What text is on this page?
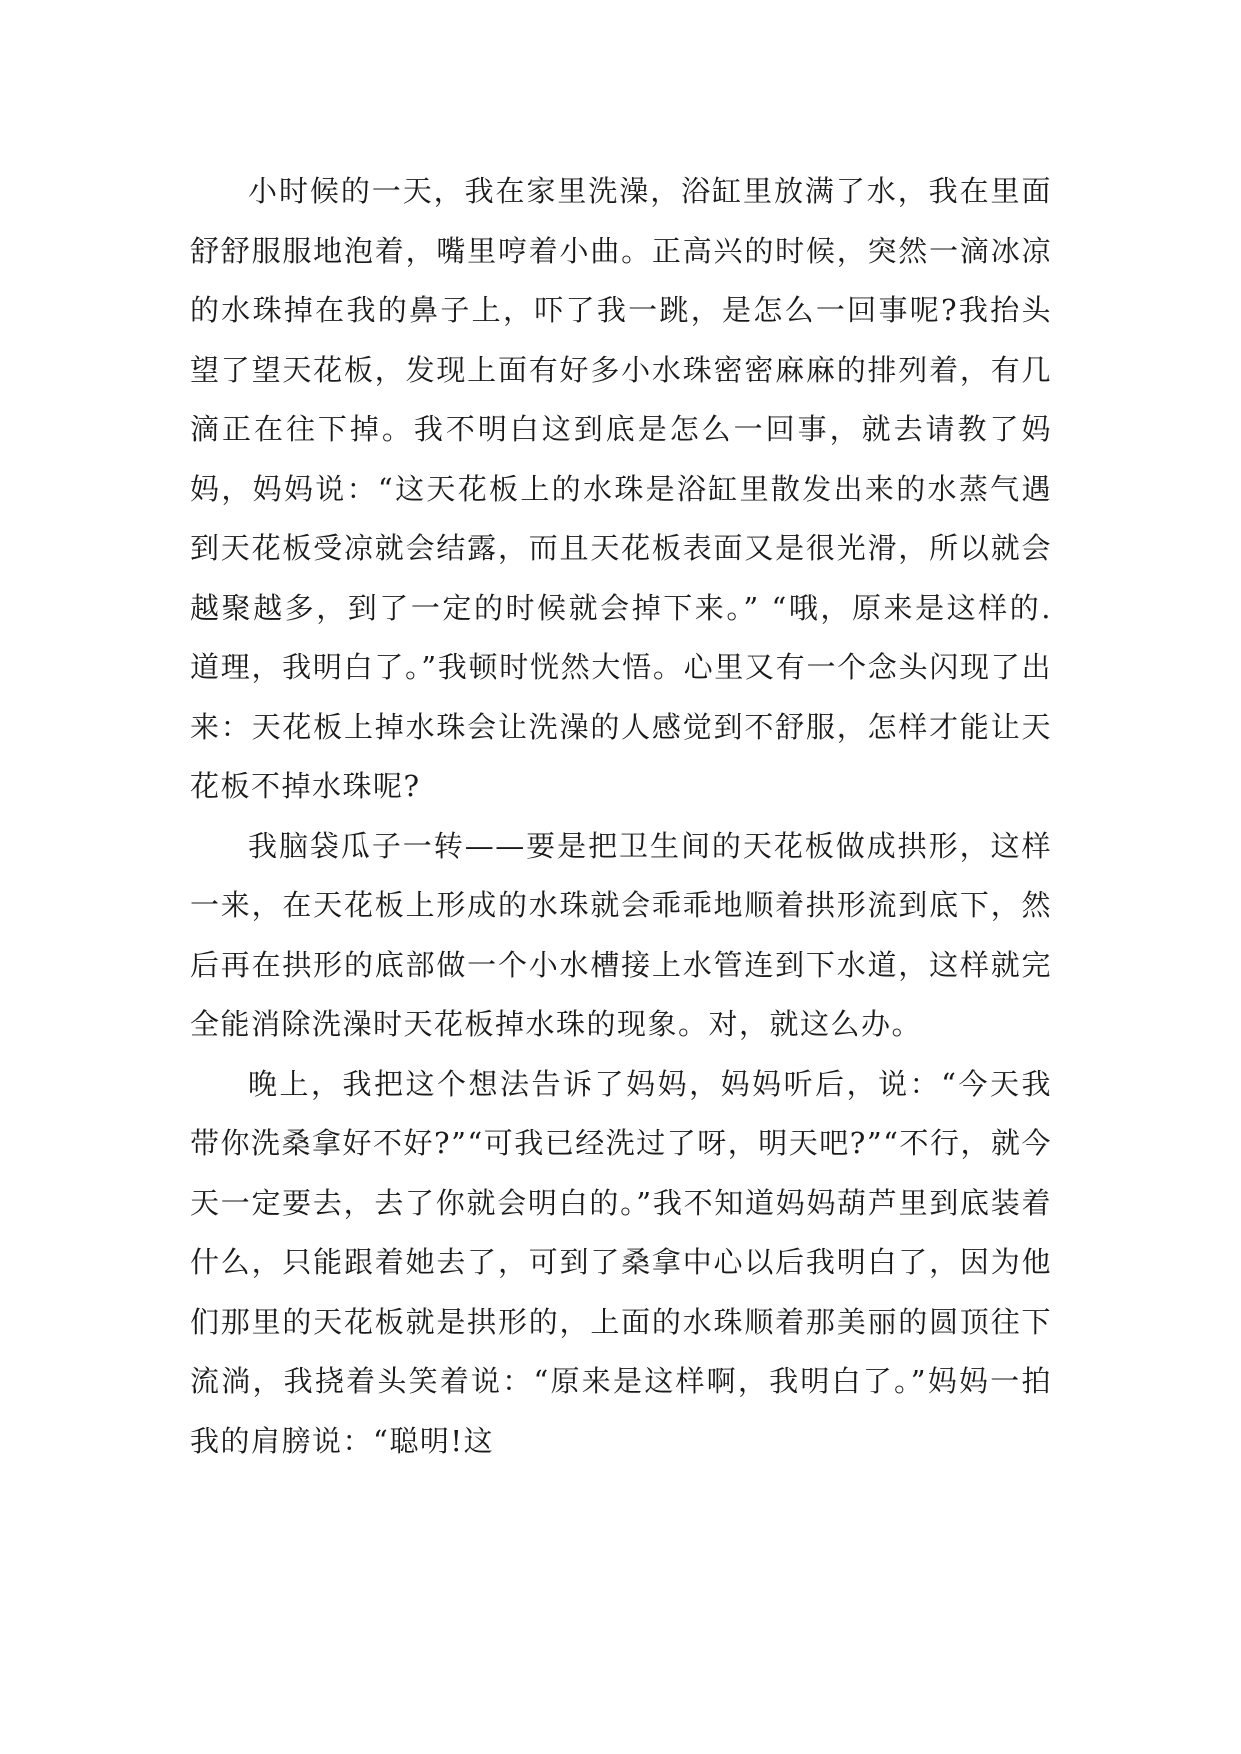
小时候的一天，我在家里洗澡，浴缸里放满了水，我在里面舒舒服服地泡着，嘴里哼着小曲。正高兴的时候，突然一滴冰凉的水珠掉在我的鼻子上，吓了我一跳，是怎么一回事呢?我抬头望了望天花板，发现上面有好多小水珠密密麻麻的排列着，有几滴正在往下掉。我不明白这到底是怎么一回事，就去请教了妈妈，妈妈说：“这天花板上的水珠是浴缸里散发出来的水蒸气遇到天花板受凉就会结露，而且天花板表面又是很光滑，所以就会越聚越多，到了一定的时候就会掉下来。” “哦，原来是这样的.道理，我明白了。”我顿时恍然大悟。心里又有一个念头闪现了出来：天花板上掉水珠会让洗澡的人感觉到不舒服，怎样才能让天花板不掉水珠呢?

我脑袋瓜子一转——要是把卫生间的天花板做成拱形，这样一来，在天花板上形成的水珠就会乖乖地顺着拱形流到底下，然后再在拱形的底部做一个小水槽接上水管连到下水道，这样就完全能消除洗澡时天花板掉水珠的现象。对，就这么办。

晚上，我把这个想法告诉了妈妈，妈妈听后，说：“今天我带你洗桑拿好不好?”“可我已经洗过了呀，明天吧?”“不行，就今天一定要去，去了你就会明白的。”我不知道妈妈葫芦里到底装着什么，只能跟着她去了，可到了桑拿中心以后我明白了，因为他们那里的天花板就是拱形的，上面的水珠顺着那美丽的圆顶往下流淌，我挠着头笑着说：“原来是这样啊，我明白了。”妈妈一拍我的肩膀说：“聪明!这
